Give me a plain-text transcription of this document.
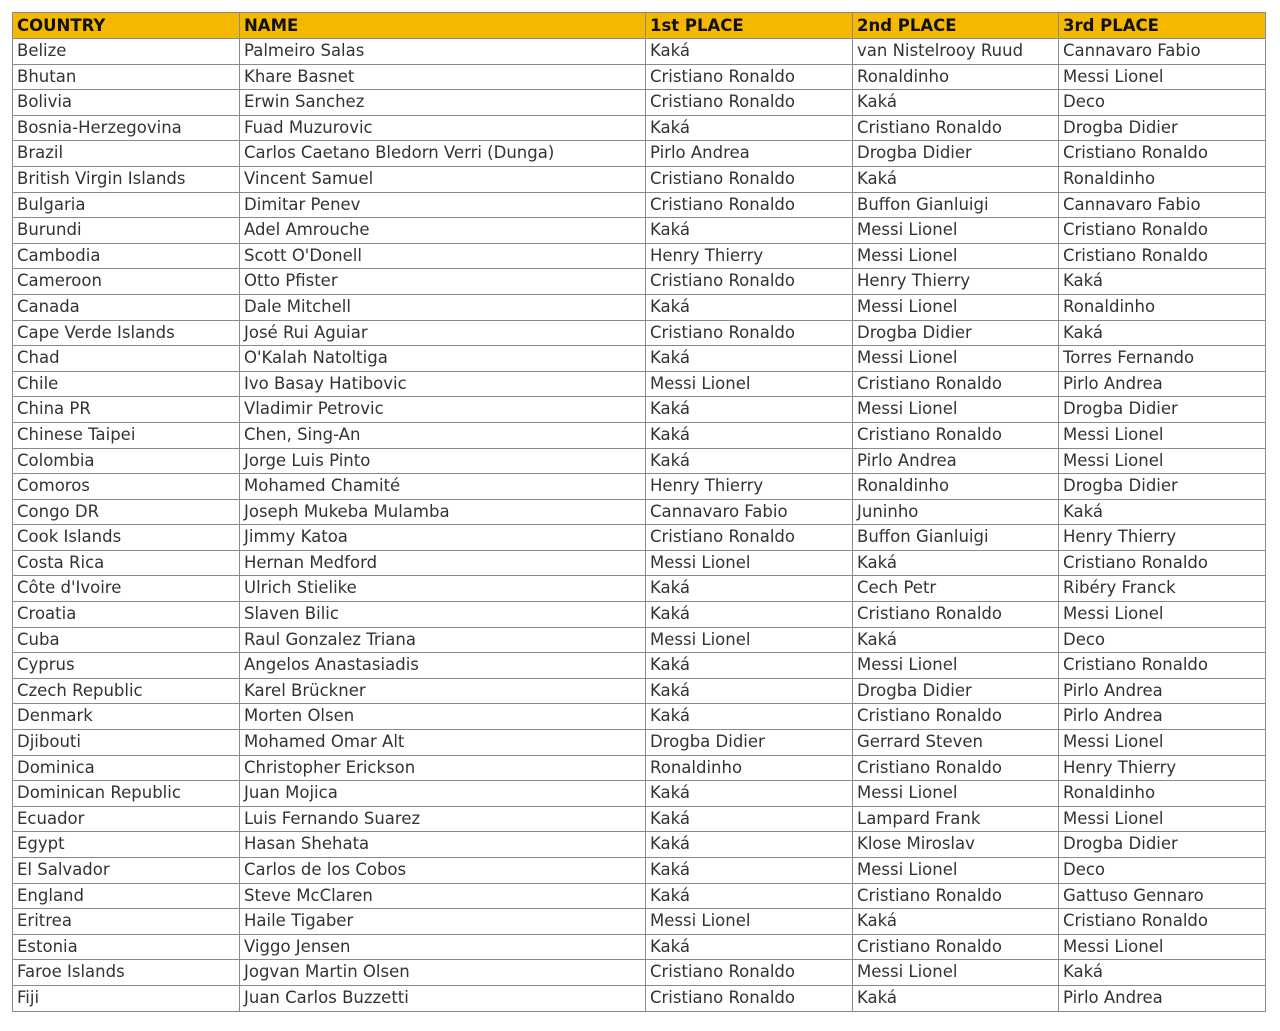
COUNTRY	NAME	1st PLACE	2nd PLACE	3rd PLACE
Belize	Palmeiro Salas	Kaká	van Nistelrooy Ruud	Cannavaro Fabio
Bhutan	Khare Basnet	Cristiano Ronaldo	Ronaldinho	Messi Lionel
Bolivia	Erwin Sanchez	Cristiano Ronaldo	Kaká	Deco
Bosnia-Herzegovina	Fuad Muzurovic	Kaká	Cristiano Ronaldo	Drogba Didier
Brazil	Carlos Caetano Bledorn Verri (Dunga)	Pirlo Andrea	Drogba Didier	Cristiano Ronaldo
British Virgin Islands	Vincent Samuel	Cristiano Ronaldo	Kaká	Ronaldinho
Bulgaria	Dimitar Penev	Cristiano Ronaldo	Buffon Gianluigi	Cannavaro Fabio
Burundi	Adel Amrouche	Kaká	Messi Lionel	Cristiano Ronaldo
Cambodia	Scott O'Donell	Henry Thierry	Messi Lionel	Cristiano Ronaldo
Cameroon	Otto Pfister	Cristiano Ronaldo	Henry Thierry	Kaká
Canada	Dale Mitchell	Kaká	Messi Lionel	Ronaldinho
Cape Verde Islands	José Rui Aguiar	Cristiano Ronaldo	Drogba Didier	Kaká
Chad	O'Kalah Natoltiga	Kaká	Messi Lionel	Torres Fernando
Chile	Ivo Basay Hatibovic	Messi Lionel	Cristiano Ronaldo	Pirlo Andrea
China PR	Vladimir Petrovic	Kaká	Messi Lionel	Drogba Didier
Chinese Taipei	Chen, Sing-An	Kaká	Cristiano Ronaldo	Messi Lionel
Colombia	Jorge Luis Pinto	Kaká	Pirlo Andrea	Messi Lionel
Comoros	Mohamed Chamité	Henry Thierry	Ronaldinho	Drogba Didier
Congo DR	Joseph Mukeba Mulamba	Cannavaro Fabio	Juninho	Kaká
Cook Islands	Jimmy Katoa	Cristiano Ronaldo	Buffon Gianluigi	Henry Thierry
Costa Rica	Hernan Medford	Messi Lionel	Kaká	Cristiano Ronaldo
Côte d'Ivoire	Ulrich Stielike	Kaká	Cech Petr	Ribéry Franck
Croatia	Slaven Bilic	Kaká	Cristiano Ronaldo	Messi Lionel
Cuba	Raul Gonzalez Triana	Messi Lionel	Kaká	Deco
Cyprus	Angelos Anastasiadis	Kaká	Messi Lionel	Cristiano Ronaldo
Czech Republic	Karel Brückner	Kaká	Drogba Didier	Pirlo Andrea
Denmark	Morten Olsen	Kaká	Cristiano Ronaldo	Pirlo Andrea
Djibouti	Mohamed Omar Alt	Drogba Didier	Gerrard Steven	Messi Lionel
Dominica	Christopher Erickson	Ronaldinho	Cristiano Ronaldo	Henry Thierry
Dominican Republic	Juan Mojica	Kaká	Messi Lionel	Ronaldinho
Ecuador	Luis Fernando Suarez	Kaká	Lampard Frank	Messi Lionel
Egypt	Hasan Shehata	Kaká	Klose Miroslav	Drogba Didier
El Salvador	Carlos de los Cobos	Kaká	Messi Lionel	Deco
England	Steve McClaren	Kaká	Cristiano Ronaldo	Gattuso Gennaro
Eritrea	Haile Tigaber	Messi Lionel	Kaká	Cristiano Ronaldo
Estonia	Viggo Jensen	Kaká	Cristiano Ronaldo	Messi Lionel
Faroe Islands	Jogvan Martin Olsen	Cristiano Ronaldo	Messi Lionel	Kaká
Fiji	Juan Carlos Buzzetti	Cristiano Ronaldo	Kaká	Pirlo Andrea
